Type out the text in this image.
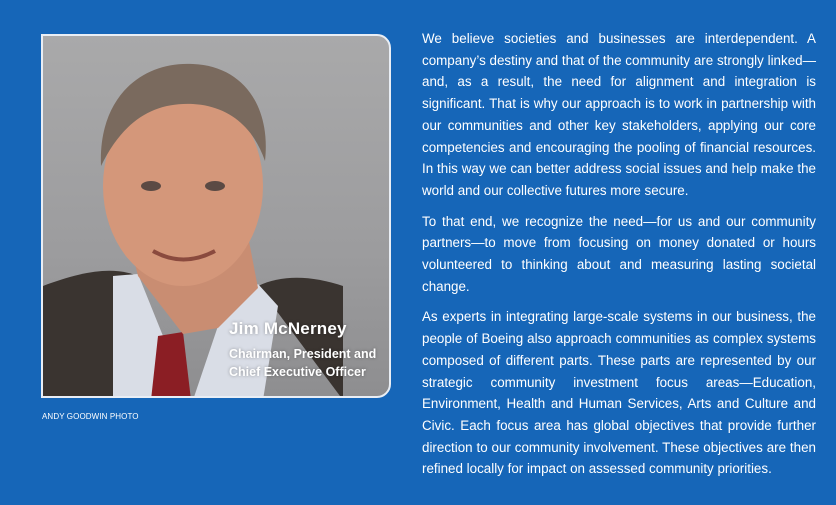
Jim McNerney
Chairman, President and Chief Executive Officer
ANDY GOODWIN PHOTO

We believe societies and businesses are interdependent. A company’s destiny and that of the community are strongly linked—and, as a result, the need for alignment and integration is significant. That is why our approach is to work in partnership with our communities and other key stakeholders, applying our core competencies and encouraging the pooling of financial resources. In this way we can better address social issues and help make the world and our collective futures more secure.

To that end, we recognize the need—for us and our community partners—to move from focusing on money donated or hours volunteered to thinking about and measuring lasting societal change.

As experts in integrating large-scale systems in our business, the people of Boeing also approach communities as complex systems composed of different parts. These parts are represented by our strategic community investment focus areas—Education, Environment, Health and Human Services, Arts and Culture and Civic. Each focus area has global objectives that provide further direction to our community involvement. These objectives are then refined locally for impact on assessed community priorities.
